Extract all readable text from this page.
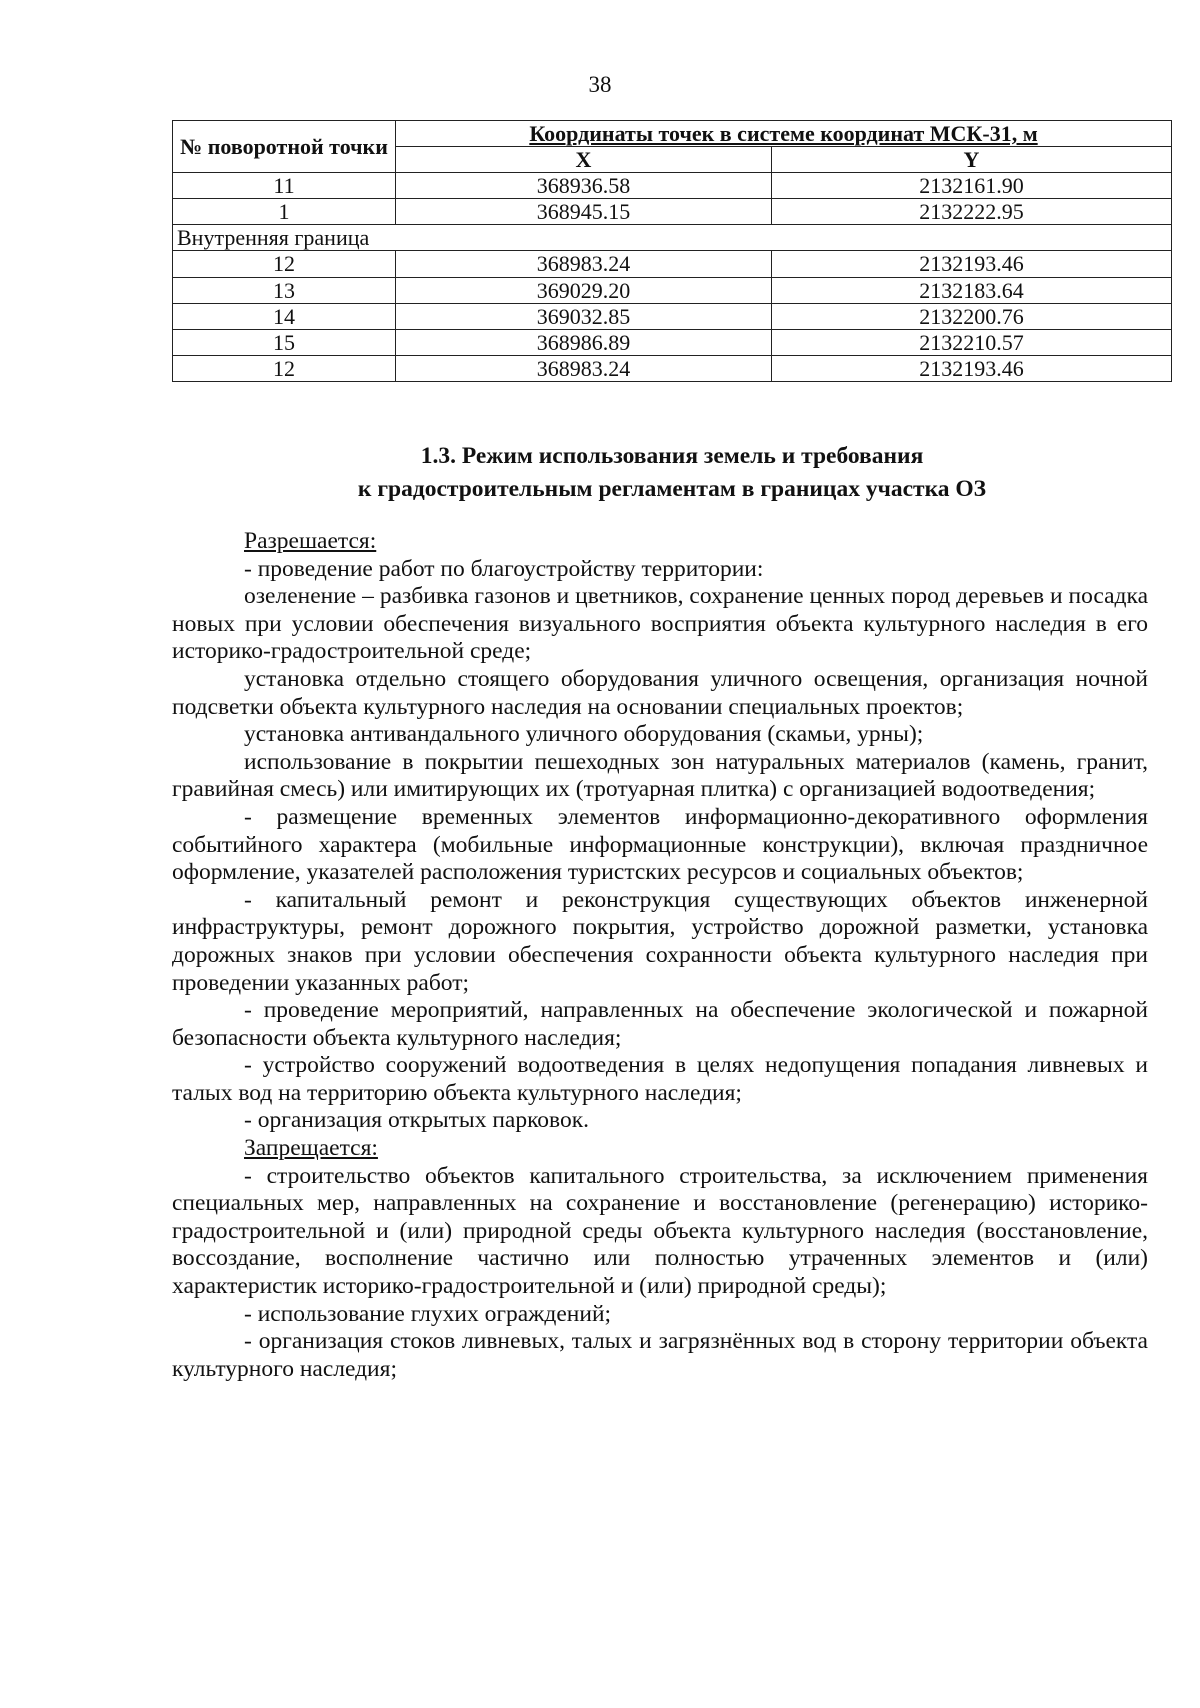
38
№ поворотной точки	Координаты точек в системе координат МСК-31, м	
	X	Y
11	368936.58	2132161.90
1	368945.15	2132222.95
Внутренняя граница		
12	368983.24	2132193.46
13	369029.20	2132183.64
14	369032.85	2132200.76
15	368986.89	2132210.57
12	368983.24	2132193.46
1.3. Режим использования земель и требования
к градостроительным регламентам в границах участка ОЗ

Разрешается:

- проведение работ по благоустройству территории:

озеленение – разбивка газонов и цветников, сохранение ценных пород деревьев и посадка новых при условии обеспечения визуального восприятия объекта культурного наследия в его историко-градостроительной среде;

установка отдельно стоящего оборудования уличного освещения, организация ночной подсветки объекта культурного наследия на основании специальных проектов;

установка антивандального уличного оборудования (скамьи, урны);

использование в покрытии пешеходных зон натуральных материалов (камень, гранит, гравийная смесь) или имитирующих их (тротуарная плитка) с организацией водоотведения;

- размещение временных элементов информационно-декоративного оформления событийного характера (мобильные информационные конструкции), включая праздничное оформление, указателей расположения туристских ресурсов и социальных объектов;

- капитальный ремонт и реконструкция существующих объектов инженерной инфраструктуры, ремонт дорожного покрытия, устройство дорожной разметки, установка дорожных знаков при условии обеспечения сохранности объекта культурного наследия при проведении указанных работ;

- проведение мероприятий, направленных на обеспечение экологической и пожарной безопасности объекта культурного наследия;

- устройство сооружений водоотведения в целях недопущения попадания ливневых и талых вод на территорию объекта культурного наследия;

- организация открытых парковок.

Запрещается:

- строительство объектов капитального строительства, за исключением применения специальных мер, направленных на сохранение и восстановление (регенерацию) историко-градостроительной и (или) природной среды объекта культурного наследия (восстановление, воссоздание, восполнение частично или полностью утраченных элементов и (или) характеристик историко-градостроительной и (или) природной среды);

- использование глухих ограждений;

- организация стоков ливневых, талых и загрязнённых вод в сторону территории объекта культурного наследия;
